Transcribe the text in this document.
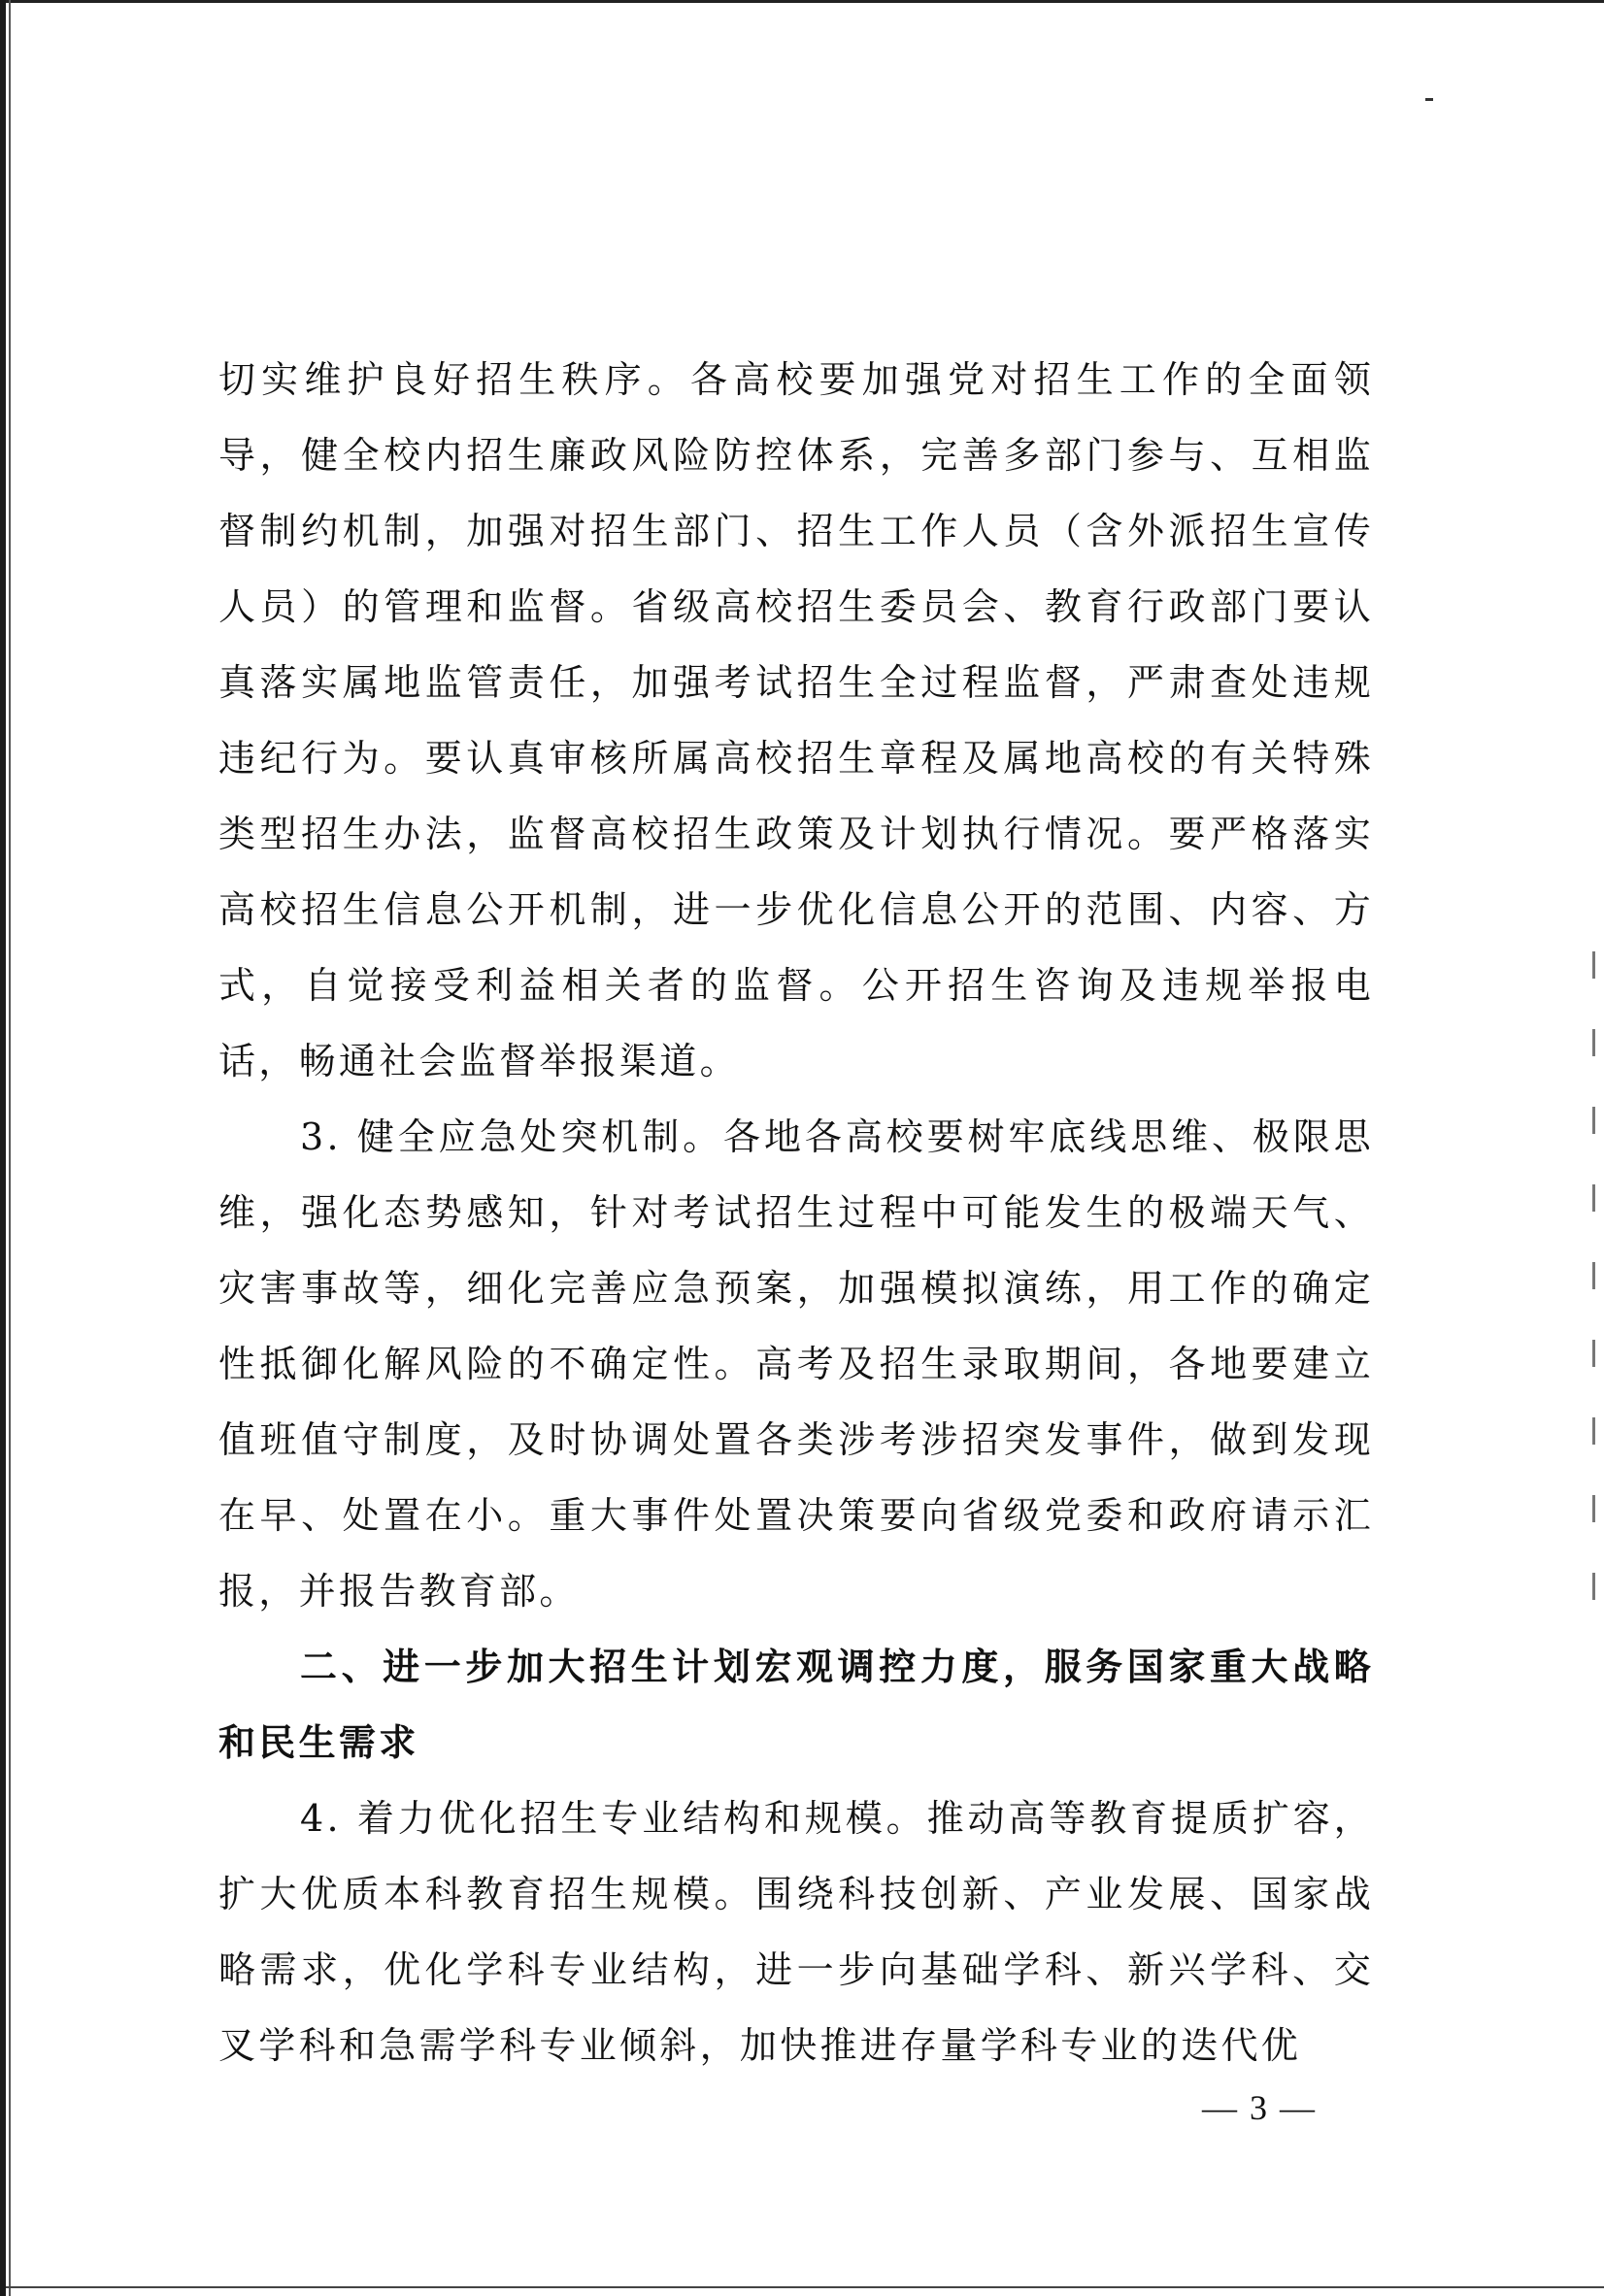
切实维护良好招生秩序。各高校要加强党对招生工作的全面领导，健全校内招生廉政风险防控体系，完善多部门参与、互相监督制约机制，加强对招生部门、招生工作人员（含外派招生宣传人员）的管理和监督。省级高校招生委员会、教育行政部门要认真落实属地监管责任，加强考试招生全过程监督，严肃查处违规违纪行为。要认真审核所属高校招生章程及属地高校的有关特殊类型招生办法，监督高校招生政策及计划执行情况。要严格落实高校招生信息公开机制，进一步优化信息公开的范围、内容、方式，自觉接受利益相关者的监督。公开招生咨询及违规举报电话，畅通社会监督举报渠道。

3. 健全应急处突机制。各地各高校要树牢底线思维、极限思维，强化态势感知，针对考试招生过程中可能发生的极端天气、灾害事故等，细化完善应急预案，加强模拟演练，用工作的确定性抵御化解风险的不确定性。高考及招生录取期间，各地要建立值班值守制度，及时协调处置各类涉考涉招突发事件，做到发现在早、处置在小。重大事件处置决策要向省级党委和政府请示汇报，并报告教育部。

二、进一步加大招生计划宏观调控力度，服务国家重大战略和民生需求

4. 着力优化招生专业结构和规模。推动高等教育提质扩容，扩大优质本科教育招生规模。围绕科技创新、产业发展、国家战略需求，优化学科专业结构，进一步向基础学科、新兴学科、交叉学科和急需学科专业倾斜，加快推进存量学科专业的迭代优

— 3 —
